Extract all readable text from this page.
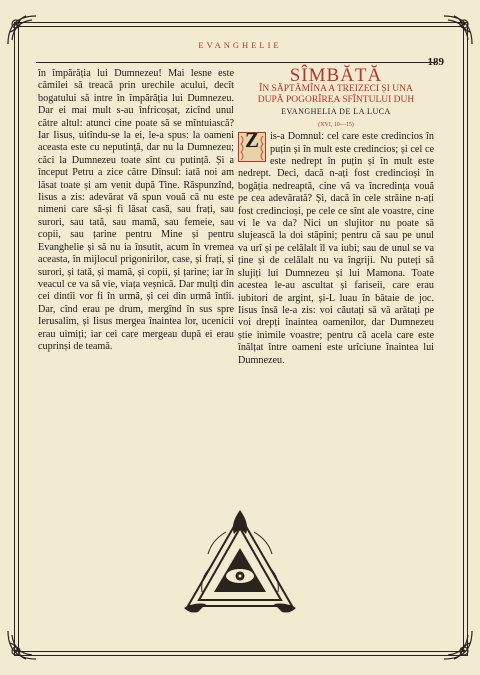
EVANGHELIE
189

în împărăția lui Dumnezeu! Mai lesne este cămilei să treacă prin urechile acului, decît bogatului să intre în împărăția lui Dumnezeu. Dar ei mai mult s-au înfricoșat, zicînd unul către altul: atunci cine poate să se mîntuiască? Iar Iisus, uitîndu-se la ei, le-a spus: la oameni aceasta este cu neputință, dar nu la Dumnezeu; căci la Dumnezeu toate sînt cu putință. Și a început Petru a zice către Dînsul: iată noi am lăsat toate și am venit după Tine. Răspunzînd, Iisus a zis: adevărat vă spun vouă că nu este nimeni care să-și fi lăsat casă, sau frați, sau surori, sau tată, sau mamă, sau femeie, sau copii, sau țarine pentru Mine și pentru Evanghelie și să nu ia însutit, acum în vremea aceasta, în mijlocul prigonirilor, case, și frați, și surori, și tată, și mamă, și copii, și țarine; iar în veacul ce va să vie, viața veșnică. Dar mulți din cei dintîi vor fi în urmă, și cei din urmă întîi. Dar, cînd erau pe drum, mergînd în sus spre Ierusalim, și Iisus mergea înaintea lor, ucenicii erau uimiți; iar cei care mergeau după ei erau cuprinși de teamă.

SÎMBĂTĂ

ÎN SĂPTĂMÎNA A TREIZECI ȘI UNA

DUPĂ POGORÎREA SFÎNTULUI DUH

EVANGHELIA DE LA LUCA

(XVI, 10—15)

Z	is-a Domnul: cel care este credincios în puțin și în mult este credincios; și cel ce este nedrept în puțin și în mult este nedrept. Deci, dacă n-ați fost credincioși în bogăția nedreaptă, cine vă va încredința vouă pe cea adevărată? Și, dacă în cele străine n-ați fost credincioși, pe cele ce sînt ale voastre, cine vi le va da? Nici un slujitor nu poate să slujească la doi stăpîni; pentru că sau pe unul va urî și pe celălalt îl va iubi; sau de unul se va ține și de celălalt nu va îngriji. Nu puteți să slujiți lui Dumnezeu și lui Mamona. Toate acestea le-au ascultat și fariseii, care erau iubitori de argint, și-L luau în bătaie de joc. Iisus însă le-a zis: voi căutați să vă arătați pe voi drepți înaintea oamenilor, dar Dumnezeu știe inimile voastre; pentru că acela care este înălțat între oameni este urîciune înaintea lui Dumnezeu.
